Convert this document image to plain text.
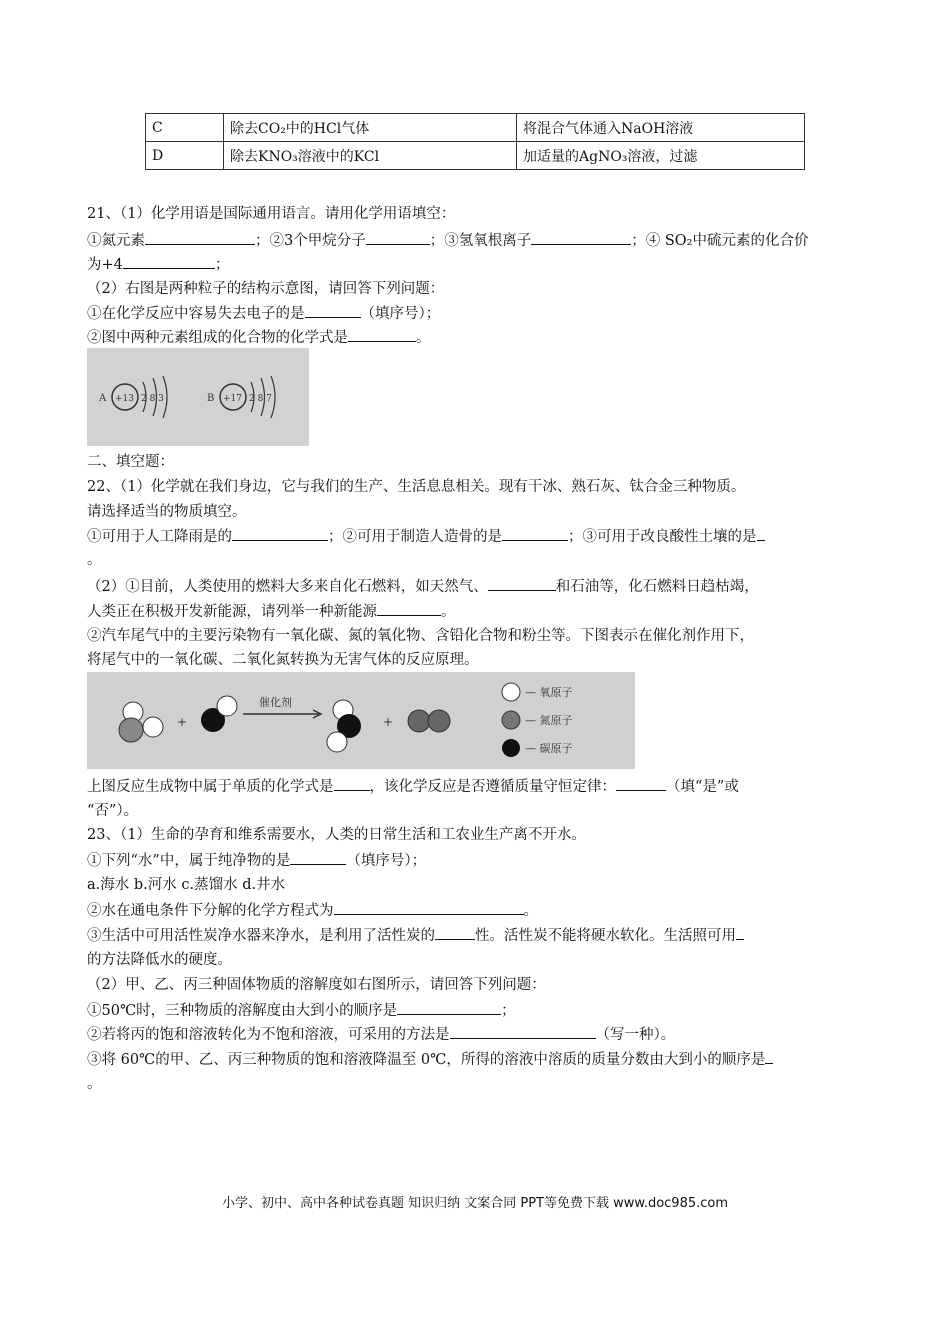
C	除去CO₂中的HCl气体	将混合气体通入NaOH溶液
D	除去KNO₃溶液中的KCl	加适量的AgNO₃溶液，过滤
21、（1）化学用语是国际通用语言。请用化学用语填空：
①氮元素	；②3个甲烷分子	；③氢氧根离子	；④ SO₂中硫元素的化合价
为+4	；
（2）右图是两种粒子的结构示意图，请回答下列问题：
①在化学反应中容易失去电子的是	（填序号）；
②图中两种元素组成的化合物的化学式是	。
A +13 2 8 3	B +17 2 8 7
二、填空题：
22、（1）化学就在我们身边，它与我们的生产、生活息息相关。现有干冰、熟石灰、钛合金三种物质。
请选择适当的物质填空。
①可用于人工降雨是的	；②可用于制造人造骨的是	；③可用于改良酸性土壤的是
。
（2）①目前，人类使用的燃料大多来自化石燃料，如天然气、	和石油等，化石燃料日趋枯竭，
人类正在积极开发新能源，请列举一种新能源	。
②汽车尾气中的主要污染物有一氧化碳、氮的氧化物、含铅化合物和粉尘等。下图表示在催化剂作用下，
将尾气中的一氧化碳、二氧化氮转换为无害气体的反应原理。
+
催化剂
+
— 氧原子
— 氮原子
— 碳原子
上图反应生成物中属于单质的化学式是 ，该化学反应是否遵循质量守恒定律：	（填“是”或
“否”）。
23、（1）生命的孕育和维系需要水，人类的日常生活和工农业生产离不开水。
①下列“水”中，属于纯净物的是	（填序号）；
a.海水 b.河水 c.蒸馏水 d.井水
②水在通电条件下分解的化学方程式为	。
③生活中可用活性炭净水器来净水，是利用了活性炭的	性。活性炭不能将硬水软化。生活照可用
的方法降低水的硬度。
（2）甲、乙、丙三种固体物质的溶解度如右图所示，请回答下列问题：
①50℃时，三种物质的溶解度由大到小的顺序是	；
②若将丙的饱和溶液转化为不饱和溶液，可采用的方法是	（写一种）。
③将 60℃的甲、乙、丙三种物质的饱和溶液降温至 0℃，所得的溶液中溶质的质量分数由大到小的顺序是
。
小学、初中、高中各种试卷真题 知识归纳 文案合同 PPT等免费下载 www.doc985.com
